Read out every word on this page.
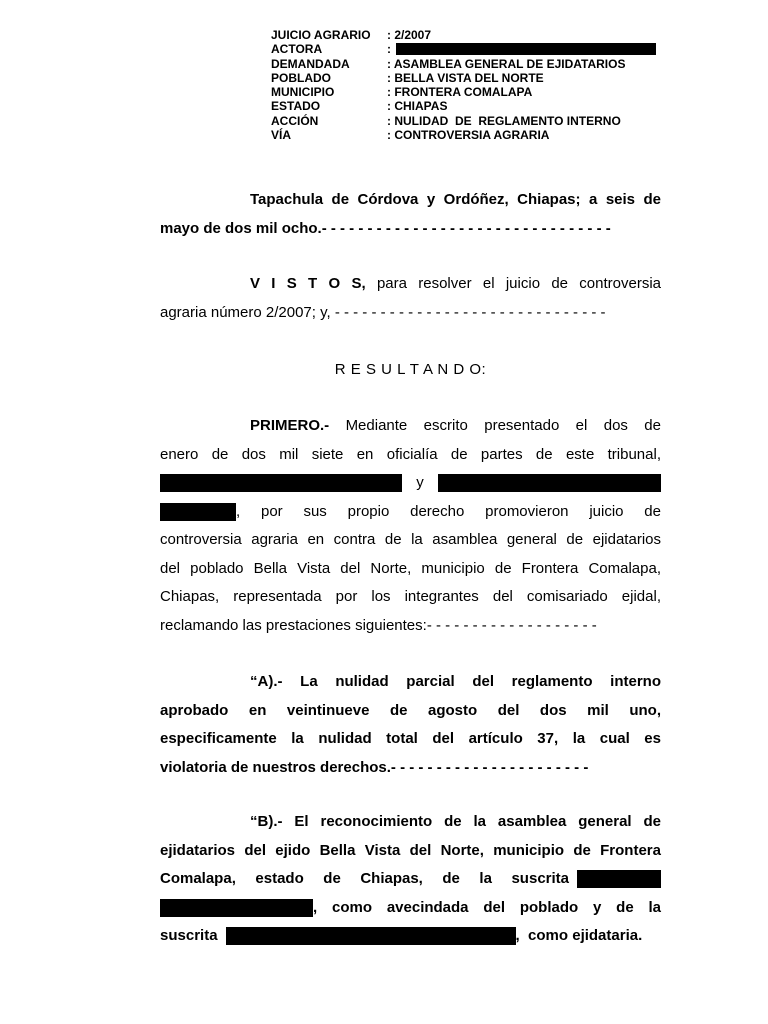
JUICIO AGRARIO	: 2/2007
ACTORA	:
DEMANDADA	: ASAMBLEA GENERAL DE EJIDATARIOS
POBLADO	: BELLA VISTA DEL NORTE
MUNICIPIO	: FRONTERA COMALAPA
ESTADO	: CHIAPAS
ACCIÓN	: NULIDAD  DE  REGLAMENTO INTERNO
VÍA	: CONTROVERSIA AGRARIA
Tapachula de Córdova y Ordóñez, Chiapas; a seis de
mayo de dos mil ocho.- - - - - - - - - - - - - - - - - - - - - - - - - - - - - - - -
V I S T O S, para resolver el juicio de controversia
agraria número 2/2007; y, - - - - - - - - - - - - - - - - - - - - - - - - - - - - - -
R E S U L T A N D O:
PRIMERO.- Mediante escrito presentado el dos de
enero de dos mil siete en oficialía de partes de este tribunal,
y
, por sus propio derecho promovieron juicio de
controversia agraria en contra de la asamblea general de ejidatarios
del poblado Bella Vista del Norte, municipio de Frontera Comalapa,
Chiapas, representada por los integrantes del comisariado ejidal,
reclamando las prestaciones siguientes:- - - - - - - - - - - - - - - - - - -
“A).- La nulidad parcial del reglamento interno
aprobado en veintinueve de agosto del dos mil uno,
especificamente la nulidad total del artículo 37, la cual es
violatoria de nuestros derechos.- - - - - - - - - - - - - - - - - - - - - -
“B).- El reconocimiento de la asamblea general de
ejidatarios del ejido Bella Vista del Norte, municipio de Frontera
Comalapa, estado de Chiapas, de la suscrita
, como avecindada del poblado y de la
suscrita	,  como ejidataria.
